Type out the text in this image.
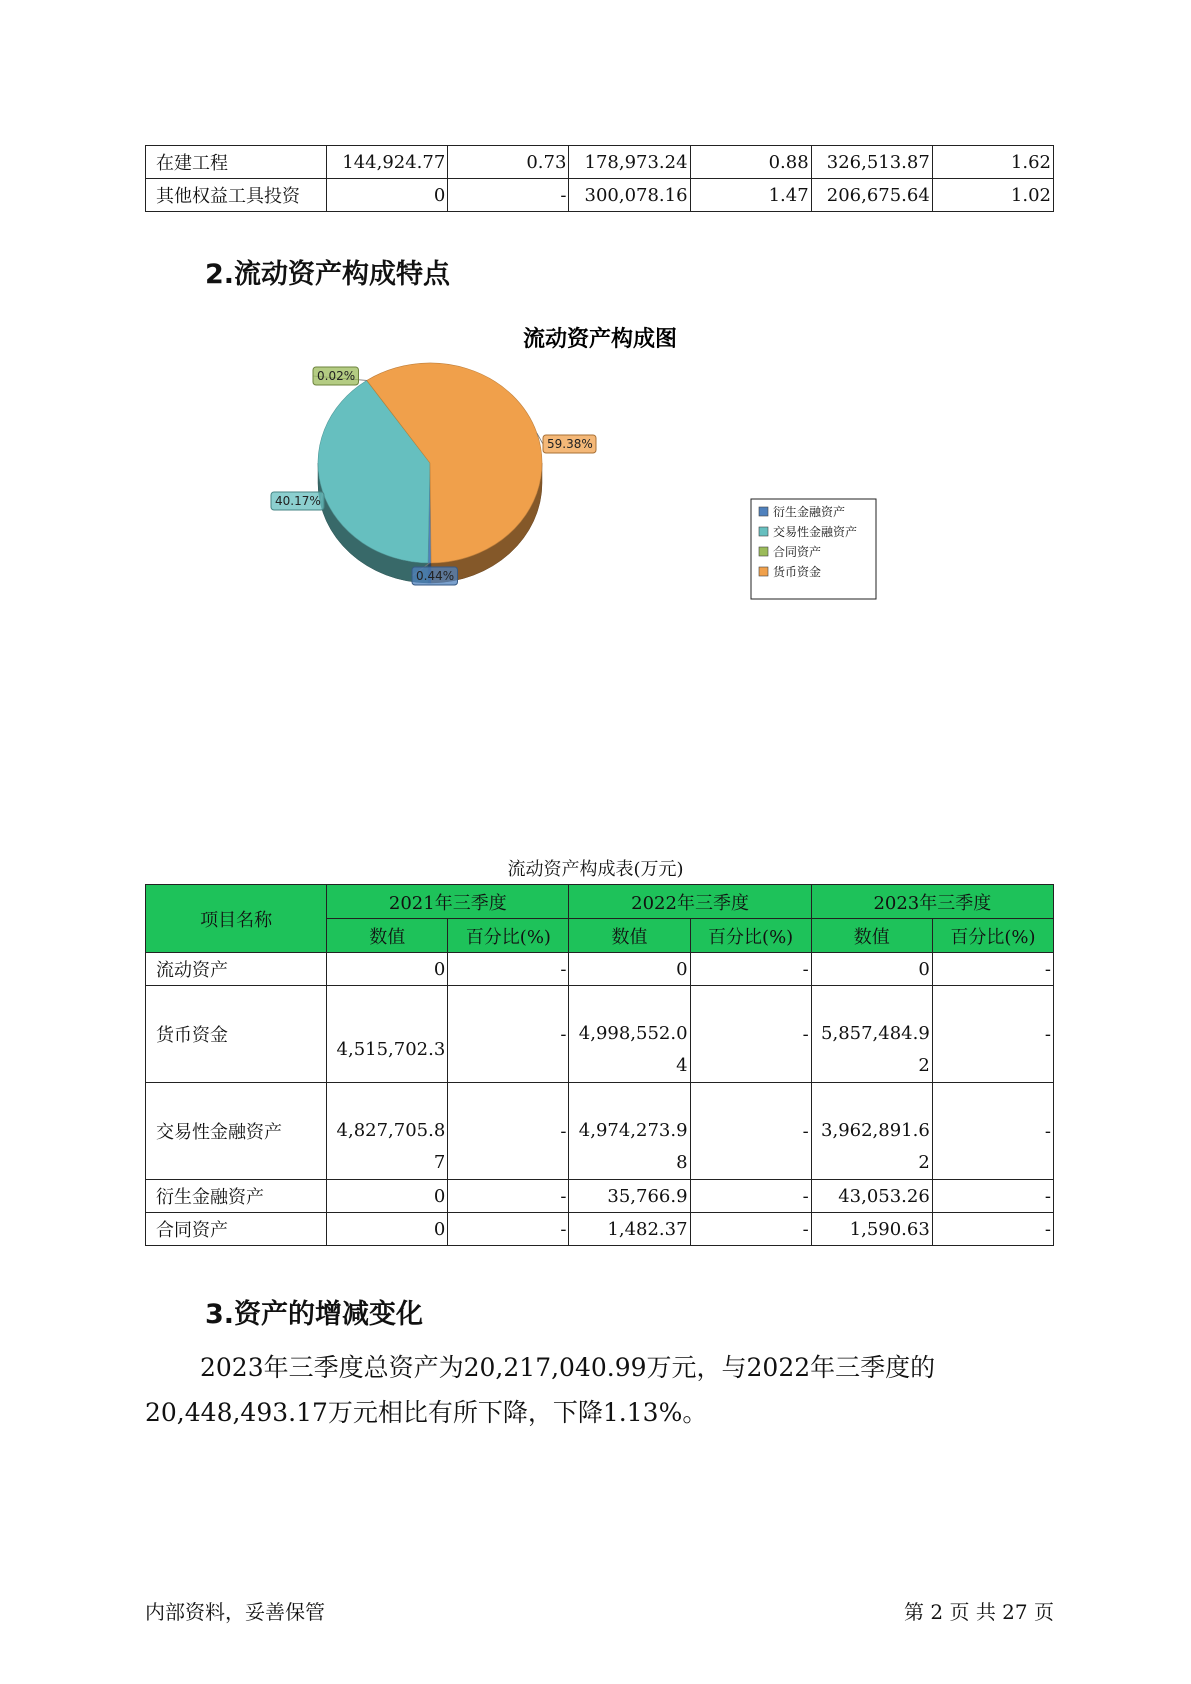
在建工程	144,924.77	0.73	178,973.24	0.88	326,513.87	1.62
其他权益工具投资	0	-	300,078.16	1.47	206,675.64	1.02
2.流动资产构成特点
流动资产构成图
0.44%
40.17%
0.02%
59.38%
衍生金融资产
交易性金融资产
合同资产
货币资金
流动资产构成表(万元)
项目名称	2021年三季度		2022年三季度		2023年三季度	
	数值	百分比(%)	数值	百分比(%)	数值	百分比(%)
流动资产	0	-	0	-	0	-
货币资金	4,515,702.3	-	4,998,552.04	-	5,857,484.92	-
交易性金融资产	4,827,705.87	-	4,974,273.98	-	3,962,891.62	-
衍生金融资产	0	-	35,766.9	-	43,053.26	-
合同资产	0	-	1,482.37	-	1,590.63	-
3.资产的增减变化

2023年三季度总资产为20,217,040.99万元，与2022年三季度的
20,448,493.17万元相比有所下降，下降1.13%。

内部资料，妥善保管	第 2 页 共 27 页
